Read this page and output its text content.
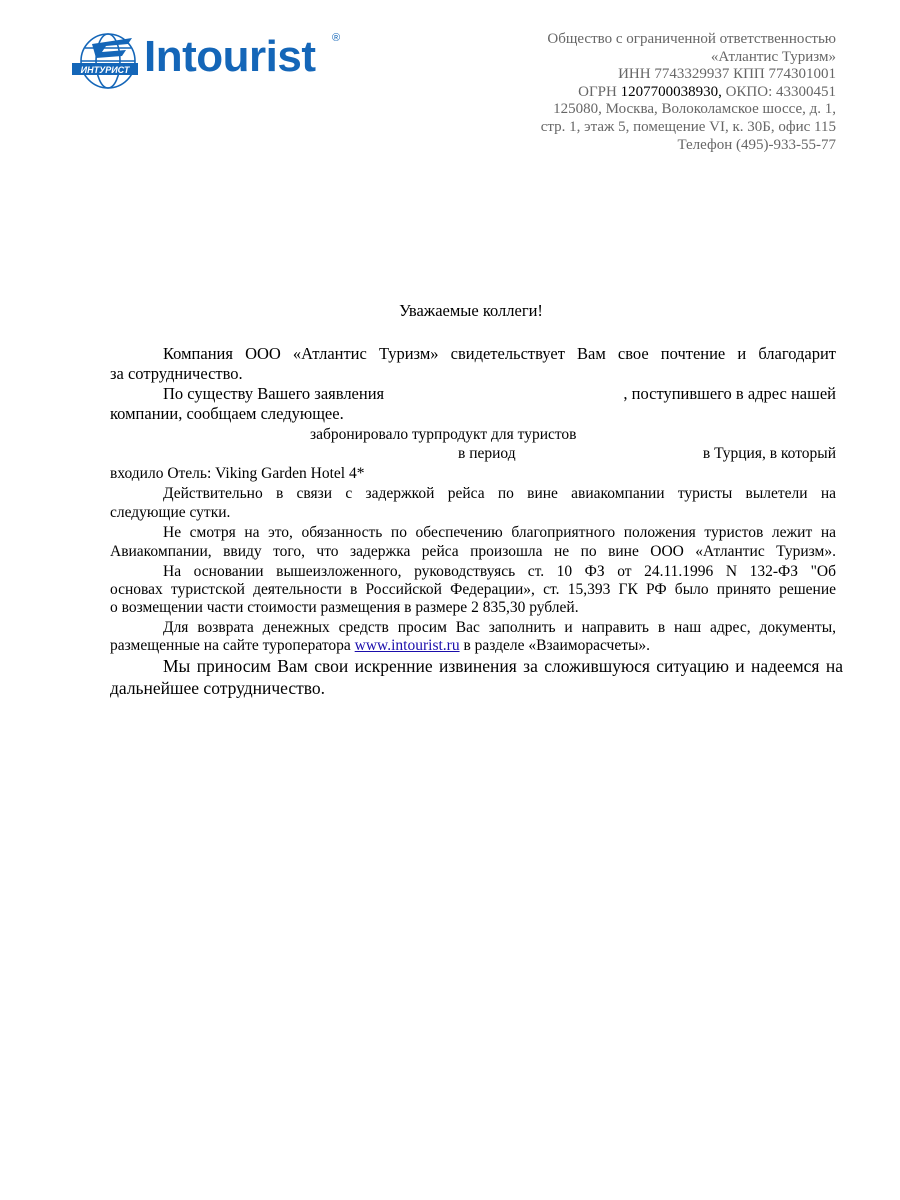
ИНТУРИСТ Intourist ®	Общество с ограниченной ответственностью
«Атлантис Туризм»
ИНН 7743329937 КПП 774301001
ОГРН 1207700038930, ОКПО: 43300451
125080, Москва, Волоколамское шоссе, д. 1,
стр. 1, этаж 5, помещение VI, к. 30Б, офис 115
Телефон (495)-933-55-77
Уважаемые коллеги!
Компания ООО «Атлантис Туризм» свидетельствует Вам свое почтение и благодарит
за сотрудничество.
По существу Вашего заявления	, поступившего в адрес нашей
компании, сообщаем следующее.
забронировало турпродукт для туристов
в период	в Турция, в который
входило Отель: Viking Garden Hotel 4*
Действительно в связи с задержкой рейса по вине авиакомпании туристы вылетели на
следующие сутки.
Не смотря на это, обязанность по обеспечению благоприятного положения туристов лежит на
Авиакомпании, ввиду того, что задержка рейса произошла не по вине ООО «Атлантис Туризм».
На основании вышеизложенного, руководствуясь ст. 10 ФЗ от 24.11.1996 N 132-ФЗ "Об
основах туристской деятельности в Российской Федерации», ст. 15,393 ГК РФ было принято решение
о возмещении части стоимости размещения в размере 2 835,30 рублей.
Для возврата денежных средств просим Вас заполнить и направить в наш адрес, документы,
размещенные на сайте туроператора www.intourist.ru в разделе «Взаиморасчеты».
Мы приносим Вам свои искренние извинения за сложившуюся ситуацию и надеемся на
дальнейшее сотрудничество.
